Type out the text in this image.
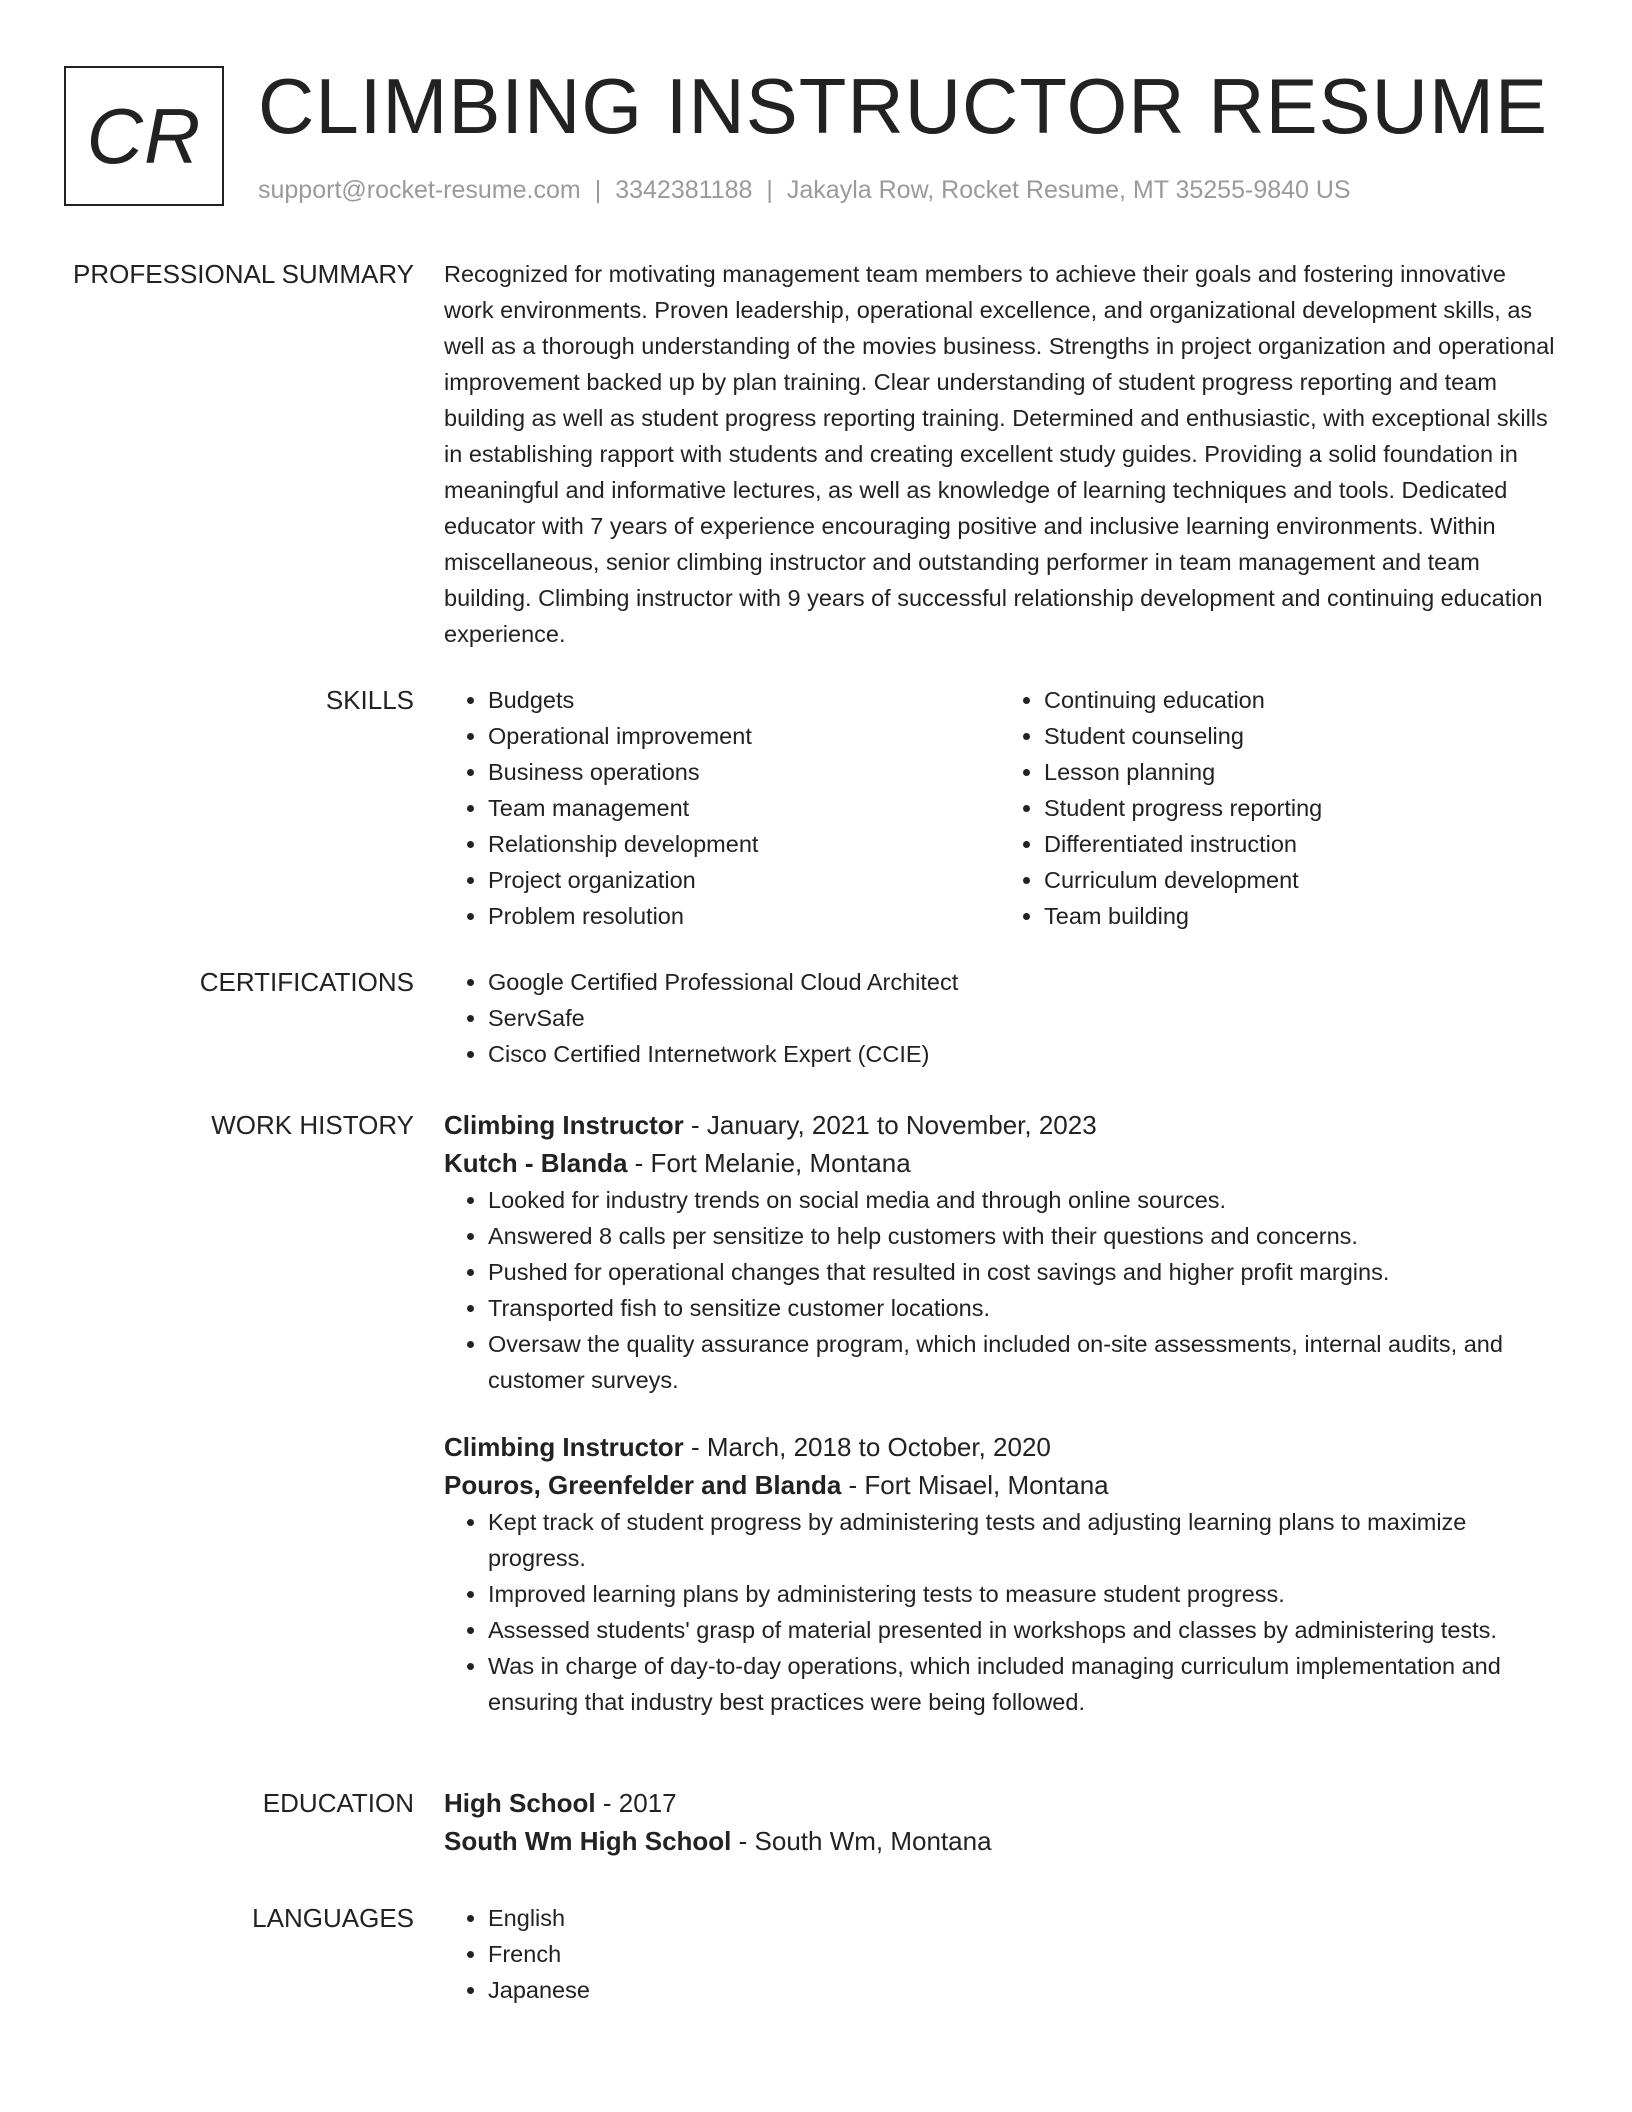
CR CLIMBING INSTRUCTOR RESUME
support@rocket-resume.com | 3342381188 | Jakayla Row, Rocket Resume, MT 35255-9840 US
PROFESSIONAL SUMMARY Recognized for motivating management team members to achieve their goals and fostering innovative work environments. Proven leadership, operational excellence, and organizational development skills, as well as a thorough understanding of the movies business. Strengths in project organization and operational improvement backed up by plan training. Clear understanding of student progress reporting and team building as well as student progress reporting training. Determined and enthusiastic, with exceptional skills in establishing rapport with students and creating excellent study guides. Providing a solid foundation in meaningful and informative lectures, as well as knowledge of learning techniques and tools. Dedicated educator with 7 years of experience encouraging positive and inclusive learning environments. Within miscellaneous, senior climbing instructor and outstanding performer in team management and team building. Climbing instructor with 9 years of successful relationship development and continuing education experience.

SKILLS	• Budgets
• Operational improvement
• Business operations
• Team management
• Relationship development
• Project organization
• Problem resolution
• Continuing education
• Student counseling
• Lesson planning
• Student progress reporting
• Differentiated instruction
• Curriculum development
• Team building
CERTIFICATIONS	• Google Certified Professional Cloud Architect
• ServSafe
• Cisco Certified Internetwork Expert (CCIE)
WORK HISTORY Climbing Instructor - January, 2021 to November, 2023
Kutch - Blanda - Fort Melanie, Montana
• Looked for industry trends on social media and through online sources.
• Answered 8 calls per sensitize to help customers with their questions and concerns.
• Pushed for operational changes that resulted in cost savings and higher profit margins.
• Transported fish to sensitize customer locations.
• Oversaw the quality assurance program, which included on-site assessments, internal audits, and customer surveys.
Climbing Instructor - March, 2018 to October, 2020
Pouros, Greenfelder and Blanda - Fort Misael, Montana
• Kept track of student progress by administering tests and adjusting learning plans to maximize progress.
• Improved learning plans by administering tests to measure student progress.
• Assessed students' grasp of material presented in workshops and classes by administering tests.
• Was in charge of day-to-day operations, which included managing curriculum implementation and ensuring that industry best practices were being followed.
EDUCATION High School - 2017
South Wm High School - South Wm, Montana
LANGUAGES	• English
• French
• Japanese
